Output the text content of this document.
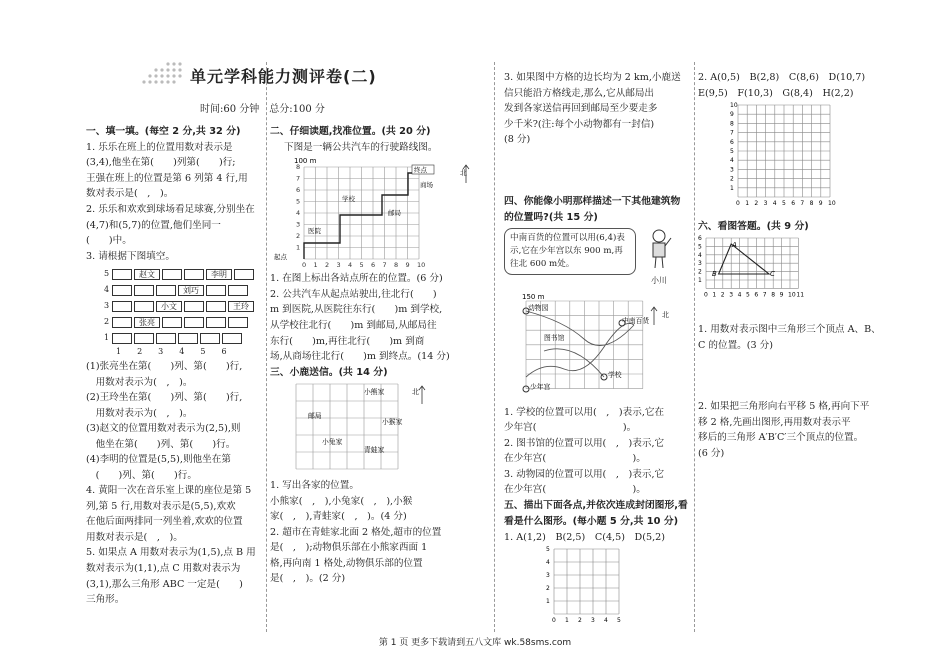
单元学科能力测评卷(二)
时间:60 分钟　总分:100 分

一、填一填。(每空 2 分,共 32 分)

1. 乐乐在班上的位置用数对表示是

(3,4),他坐在第(　　)列第(　　)行;

王强在班上的位置是第 6 列第 4 行,用

数对表示是(　,　)。

2. 乐乐和欢欢到球场看足球赛,分别坐在

(4,7)和(5,7)的位置,他们坐同一

(　　)中。

3. 请根据下图填空。

5	赵文	李明
4	刘巧
3	小文	王玲
2	张亮
1

1　　2　　3　　4　　5　　6

(1)张亮坐在第(　　)列、第(　　)行,

　用数对表示为(　,　)。

(2)王玲坐在第(　　)列、第(　　)行,

　用数对表示为(　,　)。

(3)赵文的位置用数对表示为(2,5),则

　他坐在第(　　)列、第(　　)行。

(4)李明的位置是(5,5),则他坐在第

　(　　)列、第(　　)行。

4. 黄阳一次在音乐室上课的座位是第 5

列,第 5 行,用数对表示是(5,5),欢欢

在他后面两排同一列坐着,欢欢的位置

用数对表示是(　,　)。

5. 如果点 A 用数对表示为(1,5),点 B 用

数对表示为(1,1),点 C 用数对表示为

(3,1),那么三角形 ABC 一定是(　　)

三角形。

二、仔细读题,找准位置。(共 20 分)

下图是一辆公共汽车的行驶路线图。

100 m
北
终点
商场
学校
邮局
医院
起点
0 1 2 3 4 5 6 7 8 9 10
1
2
3
4
5
6
7
8

1. 在图上标出各站点所在的位置。(6 分)

2. 公共汽车从起点站驶出,往北行(　　)

m 到医院,从医院往东行(　　)m 到学校,

从学校往北行(　　)m 到邮局,从邮局往

东行(　　)m,再往北行(　　)m 到商

场,从商场往北行(　　)m 到终点。(14 分)

三、小鹿送信。(共 14 分)

北
小熊家
邮局
小猴家
小兔家
青蛙家

1. 写出各家的位置。

小熊家(　,　),小兔家(　,　),小猴

家(　,　),青蛙家(　,　)。(4 分)

2. 超市在青蛙家北面 2 格处,超市的位置

是(　,　);动物俱乐部在小熊家西面 1

格,再向南 1 格处,动物俱乐部的位置

是(　,　)。(2 分)

3. 如果图中方格的边长均为 2 km,小鹿送

信只能沿方格线走,那么,它从邮局出

发到各家送信再回到邮局至少要走多

少千米?(注:每个小动物都有一封信)

(8 分)

四、你能像小明那样描述一下其他建筑物的位置吗?(共 15 分)

中南百货的位置可以用(6,4)表示,它在少年宫以东 900 m,再往北 600 m处。
小川
150 m
北
动物园
图书馆
中南百货
学校
少年宫

1. 学校的位置可以用(　,　)表示,它在

少年宫(　　　　　　　　　)。

2. 图书馆的位置可以用(　,　)表示,它

在少年宫(　　　　　　　　　)。

3. 动物园的位置可以用(　,　)表示,它

在少年宫(　　　　　　　　　)。

五、描出下面各点,并依次连成封闭图形,看看是什么图形。(每小题 5 分,共 10 分)

1. A(1,2)　B(2,5)　C(4,5)　D(5,2)

0 1 2 3 4 5
1
2
3
4
5

2. A(0,5)　B(2,8)　C(8,6)　D(10,7)

E(9,5)　F(10,3)　G(8,4)　H(2,2)

0 1 2 3 4 5 6 7 8 9 10
1
2
3
4
5
6
7
8
9
10

六、看图答题。(共 9 分)

0 1 2 3 4 5 6 7 8 9 10 11
1
2
3
4
5
6
A
B	C

1. 用数对表示图中三角形三个顶点 A、B、

C 的位置。(3 分)

2. 如果把三角形向右平移 5 格,再向下平

移 2 格,先画出图形,再用数对表示平

移后的三角形 A′B′C′三个顶点的位置。

(6 分)

第 1 页 更多下载请到五八文库 wk.58sms.com
